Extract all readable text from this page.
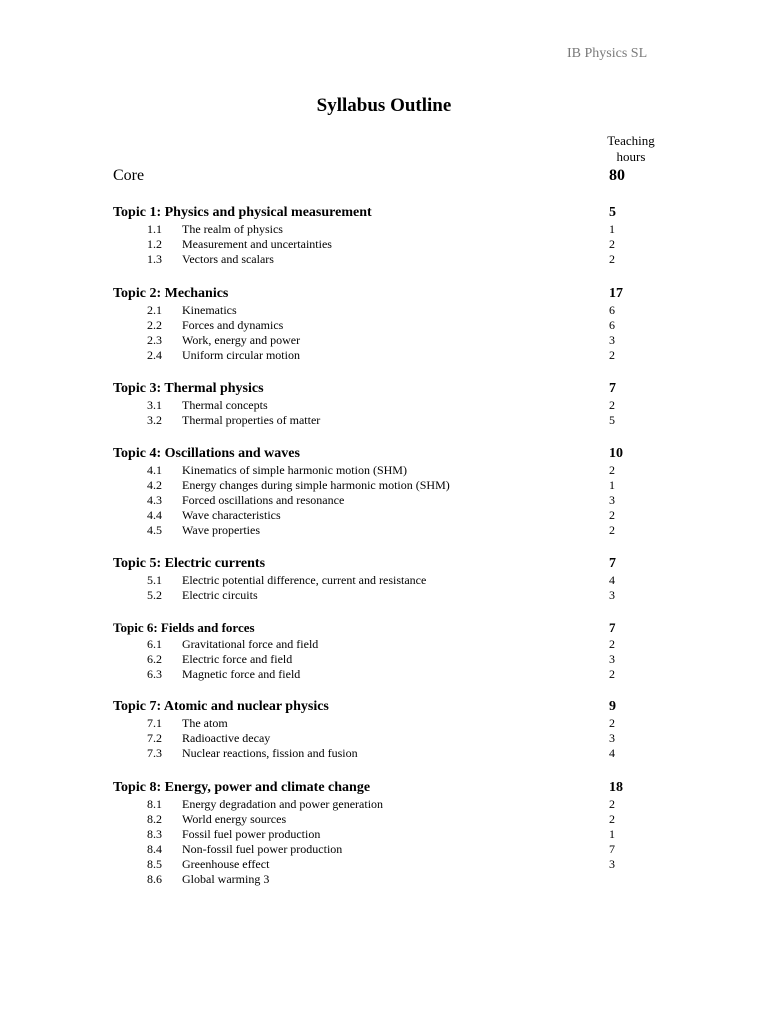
IB Physics SL
Syllabus Outline
Teaching
hours
Core	80
Topic 1: Physics and physical measurement	5
1.1 The realm of physics	1
1.2 Measurement and uncertainties	2
1.3 Vectors and scalars	2
Topic 2: Mechanics	17
2.1 Kinematics	6
2.2 Forces and dynamics	6
2.3 Work, energy and power	3
2.4 Uniform circular motion	2
Topic 3: Thermal physics	7
3.1 Thermal concepts	2
3.2 Thermal properties of matter	5
Topic 4: Oscillations and waves	10
4.1 Kinematics of simple harmonic motion (SHM)	2
4.2 Energy changes during simple harmonic motion (SHM)	1
4.3 Forced oscillations and resonance	3
4.4 Wave characteristics	2
4.5 Wave properties	2
Topic 5: Electric currents	7
5.1 Electric potential difference, current and resistance	4
5.2 Electric circuits	3
Topic 6: Fields and forces	7
6.1 Gravitational force and field	2
6.2 Electric force and field	3
6.3 Magnetic force and field	2
Topic 7: Atomic and nuclear physics	9
7.1 The atom	2
7.2 Radioactive decay	3
7.3 Nuclear reactions, fission and fusion	4
Topic 8: Energy, power and climate change	18
8.1 Energy degradation and power generation	2
8.2 World energy sources	2
8.3 Fossil fuel power production	1
8.4 Non-fossil fuel power production	7
8.5 Greenhouse effect	3
8.6 Global warming 3
